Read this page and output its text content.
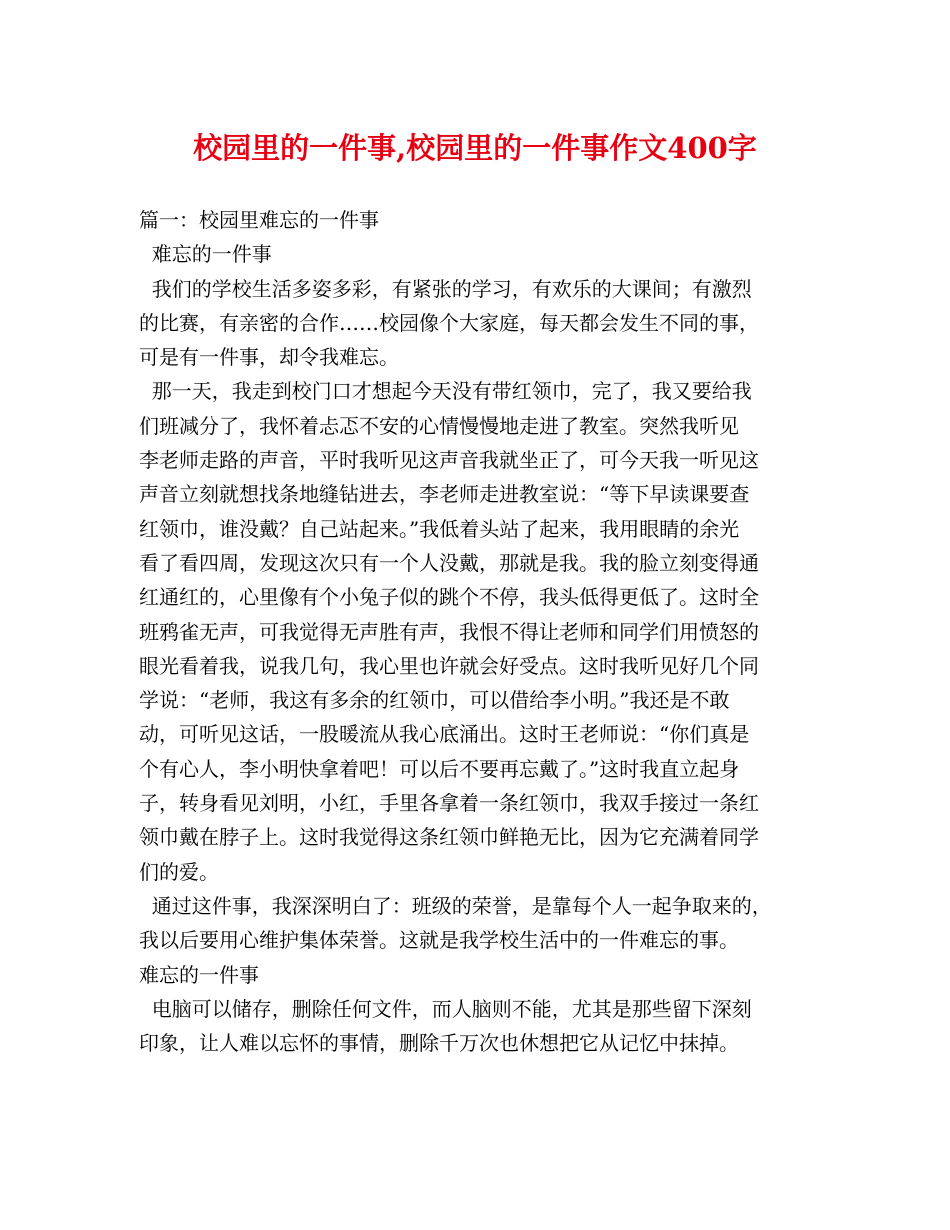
校园里的一件事,校园里的一件事作文400字
篇一：校园里难忘的一件事
难忘的一件事
我们的学校生活多姿多彩，有紧张的学习，有欢乐的大课间；有激烈
的比赛，有亲密的合作……校园像个大家庭，每天都会发生不同的事，
可是有一件事，却令我难忘。
那一天，我走到校门口才想起今天没有带红领巾，完了，我又要给我
们班减分了，我怀着忐忑不安的心情慢慢地走进了教室。突然我听见
李老师走路的声音，平时我听见这声音我就坐正了，可今天我一听见这
声音立刻就想找条地缝钻进去，李老师走进教室说：“等下早读课要查
红领巾，谁没戴？自己站起来。”我低着头站了起来，我用眼睛的余光
看了看四周，发现这次只有一个人没戴，那就是我。我的脸立刻变得通
红通红的，心里像有个小兔子似的跳个不停，我头低得更低了。这时全
班鸦雀无声，可我觉得无声胜有声，我恨不得让老师和同学们用愤怒的
眼光看着我，说我几句，我心里也许就会好受点。这时我听见好几个同
学说：“老师，我这有多余的红领巾，可以借给李小明。”我还是不敢
动，可听见这话，一股暖流从我心底涌出。这时王老师说：“你们真是
个有心人，李小明快拿着吧！可以后不要再忘戴了。”这时我直立起身
子，转身看见刘明，小红，手里各拿着一条红领巾，我双手接过一条红
领巾戴在脖子上。这时我觉得这条红领巾鲜艳无比，因为它充满着同学
们的爱。
通过这件事，我深深明白了：班级的荣誉，是靠每个人一起争取来的，
我以后要用心维护集体荣誉。这就是我学校生活中的一件难忘的事。
难忘的一件事
电脑可以储存，删除任何文件，而人脑则不能，尤其是那些留下深刻
印象，让人难以忘怀的事情，删除千万次也休想把它从记忆中抹掉。
